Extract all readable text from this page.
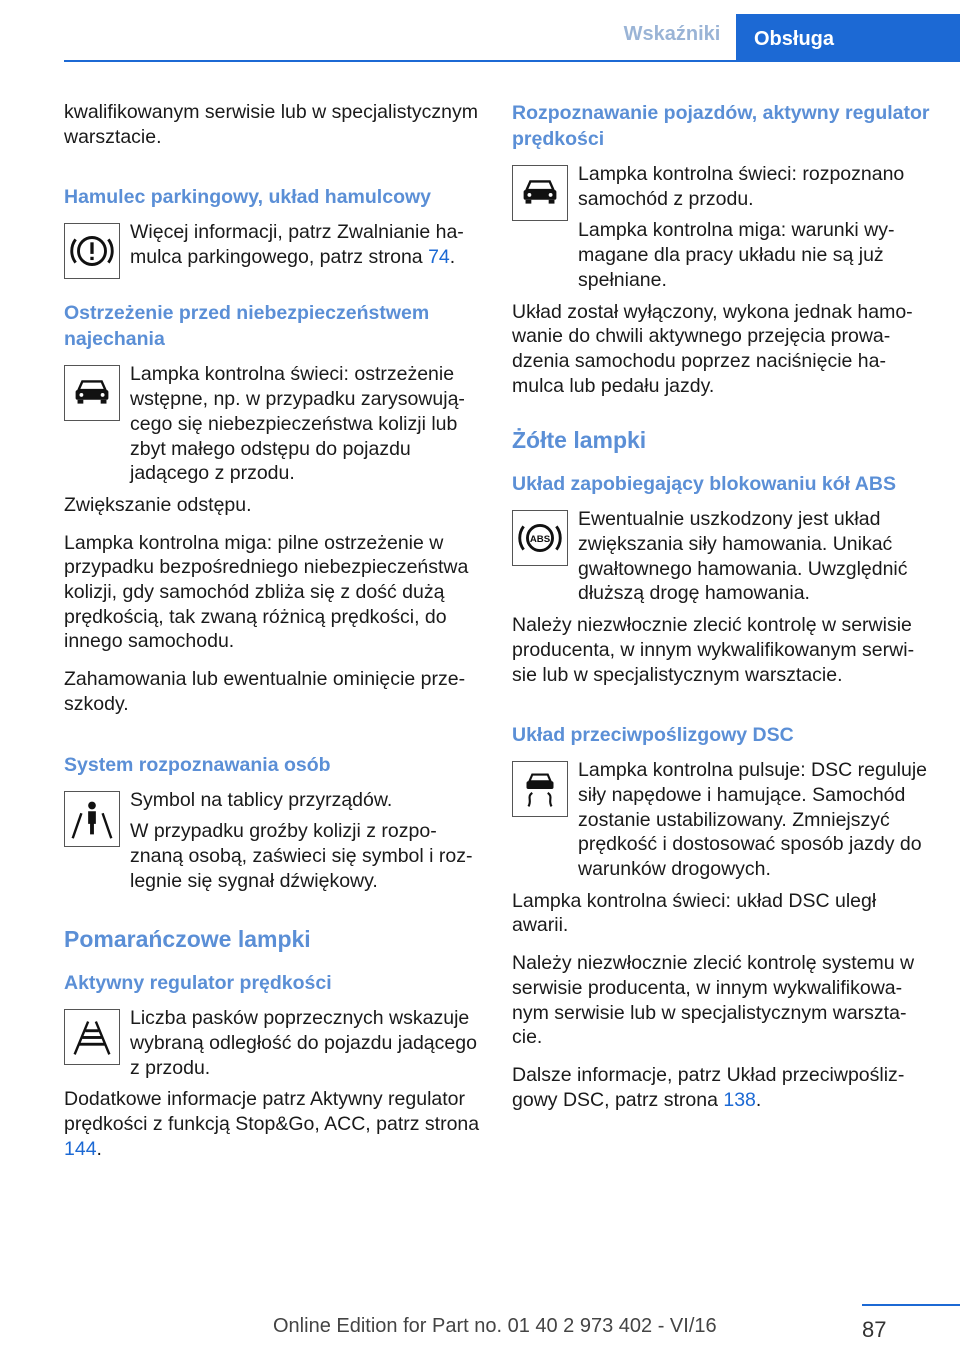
Wskaźniki	Obsługa

kwalifikowanym serwisie lub w specjalistycznym warsztacie.

Hamulec parkingowy, układ hamulcowy

Więcej informacji, patrz Zwalnianie hamulca parkingowego, patrz strona 74.

Ostrzeżenie przed niebezpieczeństwem najechania

Lampka kontrolna świeci: ostrzeżenie wstępne, np. w przypadku zarysowującego się niebezpieczeństwa kolizji lub zbyt małego odstępu do pojazdu jadącego z przodu.

Zwiększanie odstępu.

Lampka kontrolna miga: pilne ostrzeżenie w przypadku bezpośredniego niebezpieczeństwa kolizji, gdy samochód zbliża się z dość dużą prędkością, tak zwaną różnicą prędkości, do innego samochodu.

Zahamowania lub ewentualnie ominięcie przeszkody.

System rozpoznawania osób

Symbol na tablicy przyrządów.

W przypadku groźby kolizji z rozpoznaną osobą, zaświeci się symbol i rozlegnie się sygnał dźwiękowy.

Pomarańczowe lampki
Aktywny regulator prędkości

Liczba pasków poprzecznych wskazuje wybraną odległość do pojazdu jadącego z przodu.

Dodatkowe informacje patrz Aktywny regulator prędkości z funkcją Stop&Go, ACC, patrz strona 144.

Rozpoznawanie pojazdów, aktywny regulator prędkości

Lampka kontrolna świeci: rozpoznano samochód z przodu.

Lampka kontrolna miga: warunki wymagane dla pracy układu nie są już spełniane.

Układ został wyłączony, wykona jednak hamowanie do chwili aktywnego przejęcia prowadzenia samochodu poprzez naciśnięcie hamulca lub pedału jazdy.

Żółte lampki
Układ zapobiegający blokowaniu kół ABS
ABS

Ewentualnie uszkodzony jest układ zwiększania siły hamowania. Unikać gwałtownego hamowania. Uwzględnić dłuższą drogę hamowania.

Należy niezwłocznie zlecić kontrolę w serwisie producenta, w innym wykwalifikowanym serwisie lub w specjalistycznym warsztacie.

Układ przeciwpoślizgowy DSC

Lampka kontrolna pulsuje: DSC reguluje siły napędowe i hamujące. Samochód zostanie ustabilizowany. Zmniejszyć prędkość i dostosować sposób jazdy do warunków drogowych.

Lampka kontrolna świeci: układ DSC uległ awarii.

Należy niezwłocznie zlecić kontrolę systemu w serwisie producenta, w innym wykwalifikowanym serwisie lub w specjalistycznym warsztacie.

Dalsze informacje, patrz Układ przeciwpoślizgowy DSC, patrz strona 138.

87
Online Edition for Part no. 01 40 2 973 402 - VI/16
